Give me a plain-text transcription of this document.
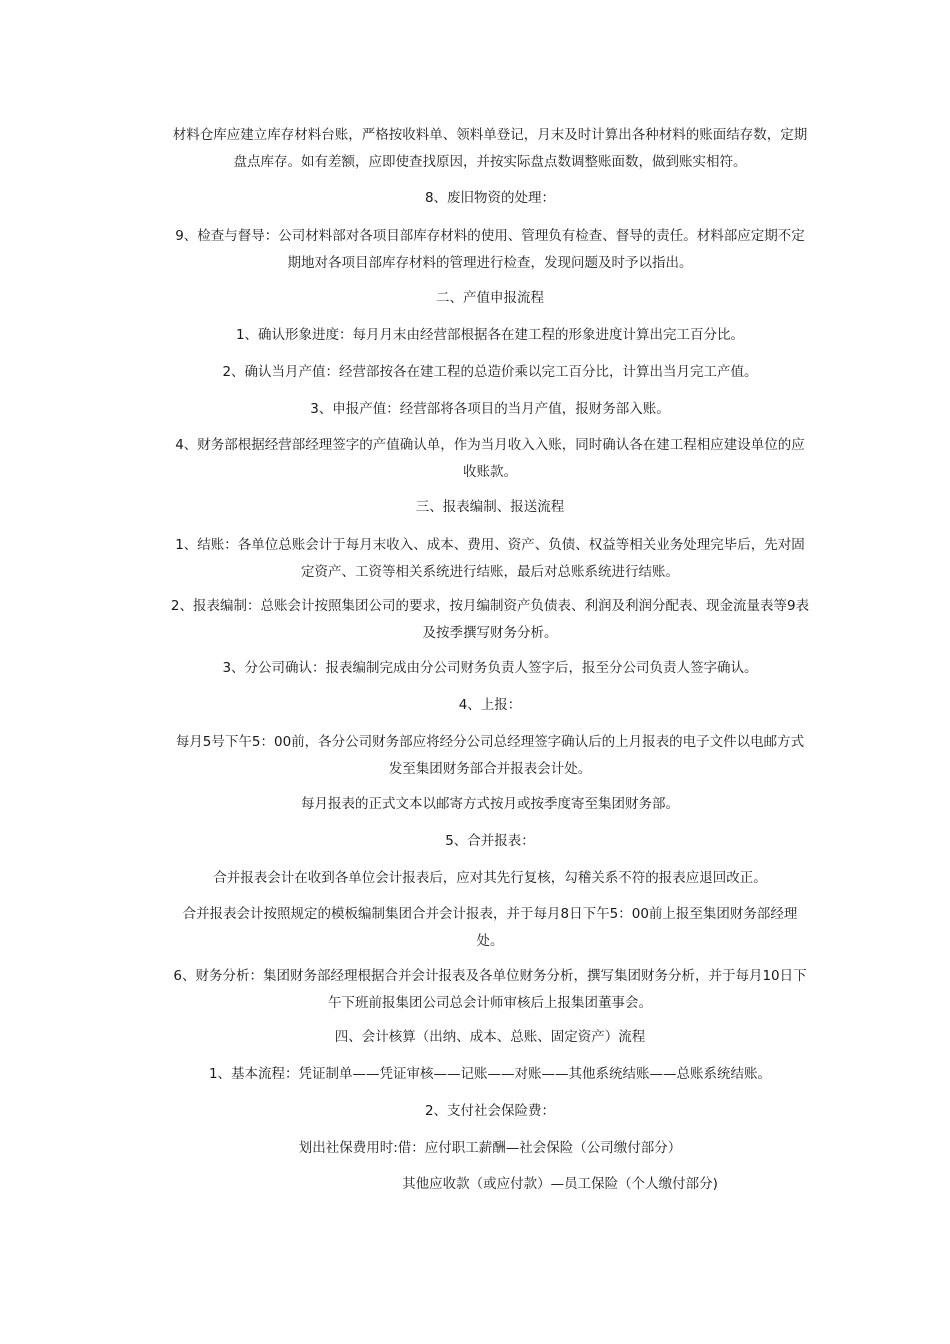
材料仓库应建立库存材料台账，严格按收料单、领料单登记，月末及时计算出各种材料的账面结存数，定期盘点库存。如有差额，应即使查找原因，并按实际盘点数调整账面数，做到账实相符。
8、废旧物资的处理：
9、检查与督导：公司材料部对各项目部库存材料的使用、管理负有检查、督导的责任。材料部应定期不定期地对各项目部库存材料的管理进行检查，发现问题及时予以指出。
二、产值申报流程
1、确认形象进度：每月月末由经营部根据各在建工程的形象进度计算出完工百分比。
2、确认当月产值：经营部按各在建工程的总造价乘以完工百分比，计算出当月完工产值。
3、申报产值：经营部将各项目的当月产值，报财务部入账。
4、财务部根据经营部经理签字的产值确认单，作为当月收入入账，同时确认各在建工程相应建设单位的应收账款。
三、报表编制、报送流程
1、结账：各单位总账会计于每月末收入、成本、费用、资产、负债、权益等相关业务处理完毕后，先对固定资产、工资等相关系统进行结账，最后对总账系统进行结账。
2、报表编制：总账会计按照集团公司的要求，按月编制资产负债表、利润及利润分配表、现金流量表等9表及按季撰写财务分析。
3、分公司确认：报表编制完成由分公司财务负责人签字后，报至分公司负责人签字确认。
4、上报：
每月5号下午5：00前，各分公司财务部应将经分公司总经理签字确认后的上月报表的电子文件以电邮方式发至集团财务部合并报表会计处。
每月报表的正式文本以邮寄方式按月或按季度寄至集团财务部。
5、合并报表：
合并报表会计在收到各单位会计报表后，应对其先行复核，勾稽关系不符的报表应退回改正。
合并报表会计按照规定的模板编制集团合并会计报表，并于每月8日下午5：00前上报至集团财务部经理处。
6、财务分析：集团财务部经理根据合并会计报表及各单位财务分析，撰写集团财务分析，并于每月10日下午下班前报集团公司总会计师审核后上报集团董事会。
四、会计核算（出纳、成本、总账、固定资产）流程
1、基本流程：凭证制单——凭证审核——记账——对账——其他系统结账——总账系统结账。
2、支付社会保险费：
划出社保费用时:借：应付职工薪酬—社会保险（公司缴付部分）
其他应收款（或应付款）—员工保险（个人缴付部分)
